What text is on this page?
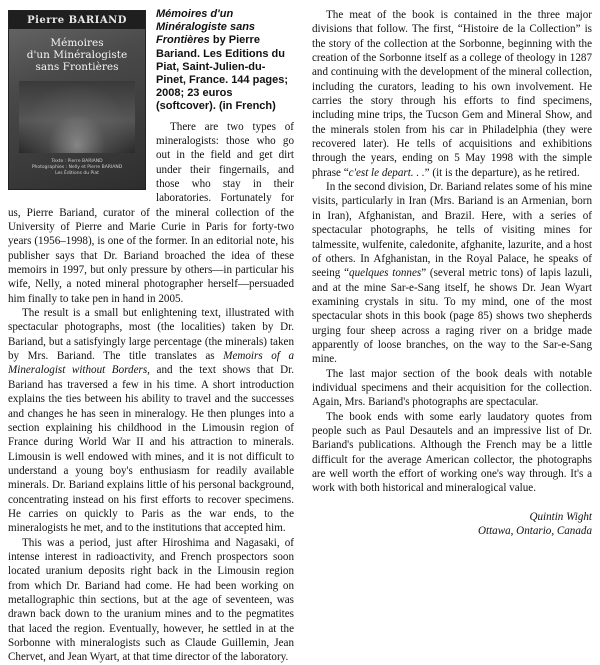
Pierre BARIAND
Mémoires
d'un Minéralogiste
sans Frontières
Texte : Pierre BARIAND
Photographies : Nelly et Pierre BARIAND
Les Éditions du Piat

Mémoires d'un Minéralogiste sans Frontières by Pierre Bariand. Les Editions du Piat, Saint-Julien-du-Pinet, France. 144 pages; 2008; 23 euros (softcover). (in French)

There are two types of mineralogists: those who go out in the field and get dirt under their fingernails, and those who stay in their laboratories. Fortunately for us, Pierre Bariand, curator of the mineral collection of the University of Pierre and Marie Curie in Paris for forty-two years (1956–1998), is one of the former. In an editorial note, his publisher says that Dr. Bariand broached the idea of these memoirs in 1997, but only pressure by others—in particular his wife, Nelly, a noted mineral photographer herself—persuaded him finally to take pen in hand in 2005.

The result is a small but enlightening text, illustrated with spectacular photographs, most (the localities) taken by Dr. Bariand, but a satisfyingly large percentage (the minerals) taken by Mrs. Bariand. The title translates as Memoirs of a Mineralogist without Borders, and the text shows that Dr. Bariand has traversed a few in his time. A short introduction explains the ties between his ability to travel and the successes and changes he has seen in mineralogy. He then plunges into a section explaining his childhood in the Limousin region of France during World War II and his attraction to minerals. Limousin is well endowed with mines, and it is not difficult to understand a young boy's enthusiasm for readily available minerals. Dr. Bariand explains little of his personal background, concentrating instead on his first efforts to recover specimens. He carries on quickly to Paris as the war ends, to the mineralogists he met, and to the institutions that accepted him.

This was a period, just after Hiroshima and Nagasaki, of intense interest in radioactivity, and French prospectors soon located uranium deposits right back in the Limousin region from which Dr. Bariand had come. He had been working on metallographic thin sections, but at the age of seventeen, was drawn back down to the uranium mines and to the pegmatites that laced the region. Eventually, however, he settled in at the Sorbonne with mineralogists such as Claude Guillemin, Jean Chervet, and Jean Wyart, at that time director of the laboratory.

The meat of the book is contained in the three major divisions that follow. The first, “Histoire de la Collection” is the story of the collection at the Sorbonne, beginning with the creation of the Sorbonne itself as a college of theology in 1287 and continuing with the development of the mineral collection, including the curators, leading to his own involvement. He carries the story through his efforts to find specimens, including mine trips, the Tucson Gem and Mineral Show, and the minerals stolen from his car in Philadelphia (they were recovered later). He tells of acquisitions and exhibitions through the years, ending on 5 May 1998 with the simple phrase “c'est le depart. . .” (it is the departure), as he retired.

In the second division, Dr. Bariand relates some of his mine visits, particularly in Iran (Mrs. Bariand is an Armenian, born in Iran), Afghanistan, and Brazil. Here, with a series of spectacular photographs, he tells of visiting mines for talmessite, wulfenite, caledonite, afghanite, lazurite, and a host of others. In Afghanistan, in the Royal Palace, he speaks of seeing “quelques tonnes” (several metric tons) of lapis lazuli, and at the mine Sar-e-Sang itself, he shows Dr. Jean Wyart examining crystals in situ. To my mind, one of the most spectacular shots in this book (page 85) shows two shepherds urging four sheep across a raging river on a bridge made apparently of loose branches, on the way to the Sar-e-Sang mine.

The last major section of the book deals with notable individual specimens and their acquisition for the collection. Again, Mrs. Bariand's photographs are spectacular.

The book ends with some early laudatory quotes from people such as Paul Desautels and an impressive list of Dr. Bariand's publications. Although the French may be a little difficult for the average American collector, the photographs are well worth the effort of working one's way through. It's a work with both historical and mineralogical value.

Quintin Wight
Ottawa, Ontario, Canada
